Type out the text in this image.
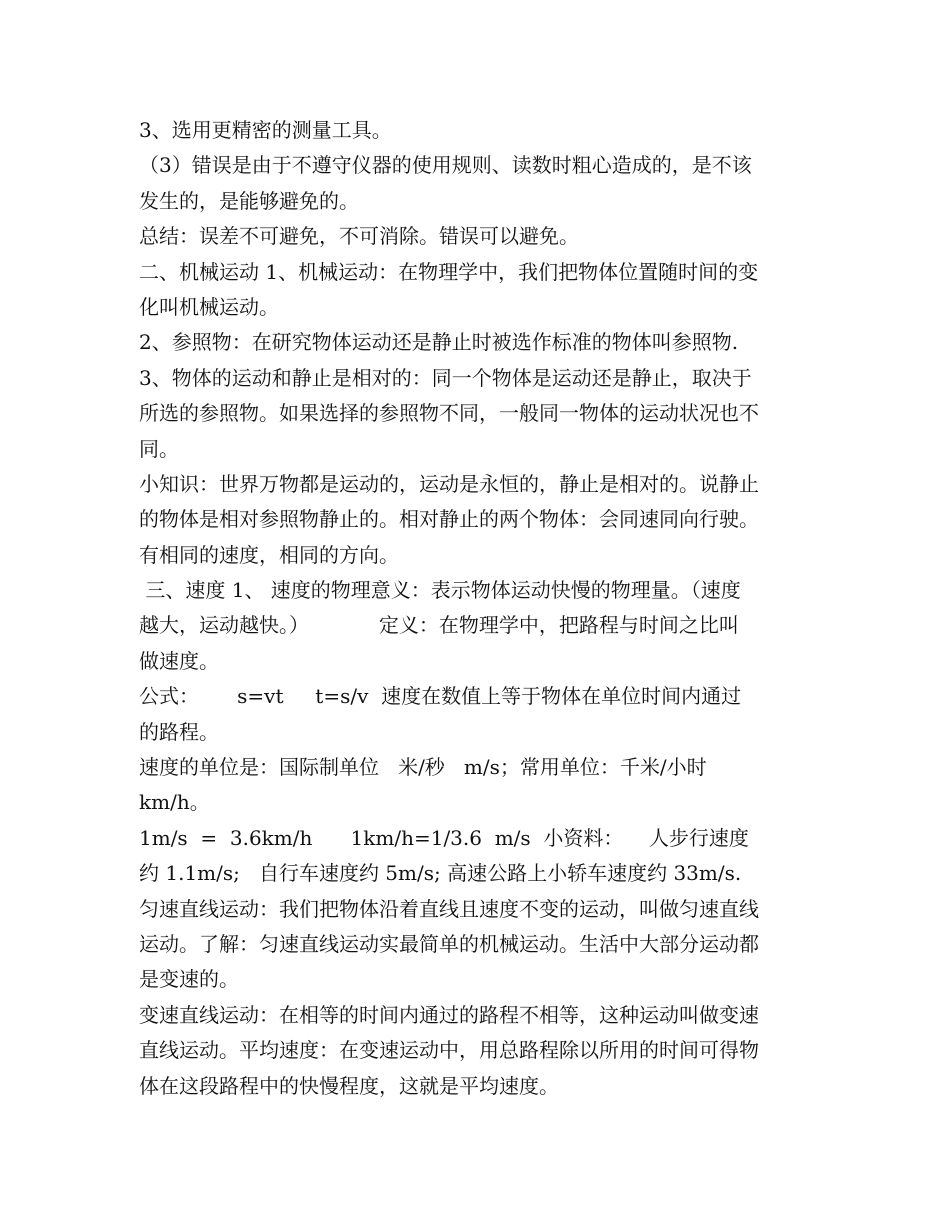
3、选用更精密的测量工具。
（3）错误是由于不遵守仪器的使用规则、读数时粗心造成的，是不该
发生的，是能够避免的。
总结：误差不可避免，不可消除。错误可以避免。
二、机械运动 1、机械运动：在物理学中，我们把物体位置随时间的变
化叫机械运动。
2、参照物：在研究物体运动还是静止时被选作标准的物体叫参照物.
3、物体的运动和静止是相对的：同一个物体是运动还是静止，取决于
所选的参照物。如果选择的参照物不同，一般同一物体的运动状况也不
同。
小知识：世界万物都是运动的，运动是永恒的，静止是相对的。说静止
的物体是相对参照物静止的。相对静止的两个物体：会同速同向行驶。
有相同的速度，相同的方向。
三、速度 1、 速度的物理意义：表示物体运动快慢的物理量。（速度
越大，运动越快。）           定义：在物理学中，把路程与时间之比叫
做速度。
公式：      s=vt     t=s/v  速度在数值上等于物体在单位时间内通过
的路程。
速度的单位是：国际制单位   米/秒   m/s；常用单位：千米/小时
km/h。
1m/s  =  3.6km/h      1km/h=1/3.6  m/s  小资料：    人步行速度
约 1.1m/s;   自行车速度约 5m/s; 高速公路上小轿车速度约 33m/s.
匀速直线运动：我们把物体沿着直线且速度不变的运动，叫做匀速直线
运动。了解：匀速直线运动实最简单的机械运动。生活中大部分运动都
是变速的。
变速直线运动：在相等的时间内通过的路程不相等，这种运动叫做变速
直线运动。平均速度：在变速运动中，用总路程除以所用的时间可得物
体在这段路程中的快慢程度，这就是平均速度。
